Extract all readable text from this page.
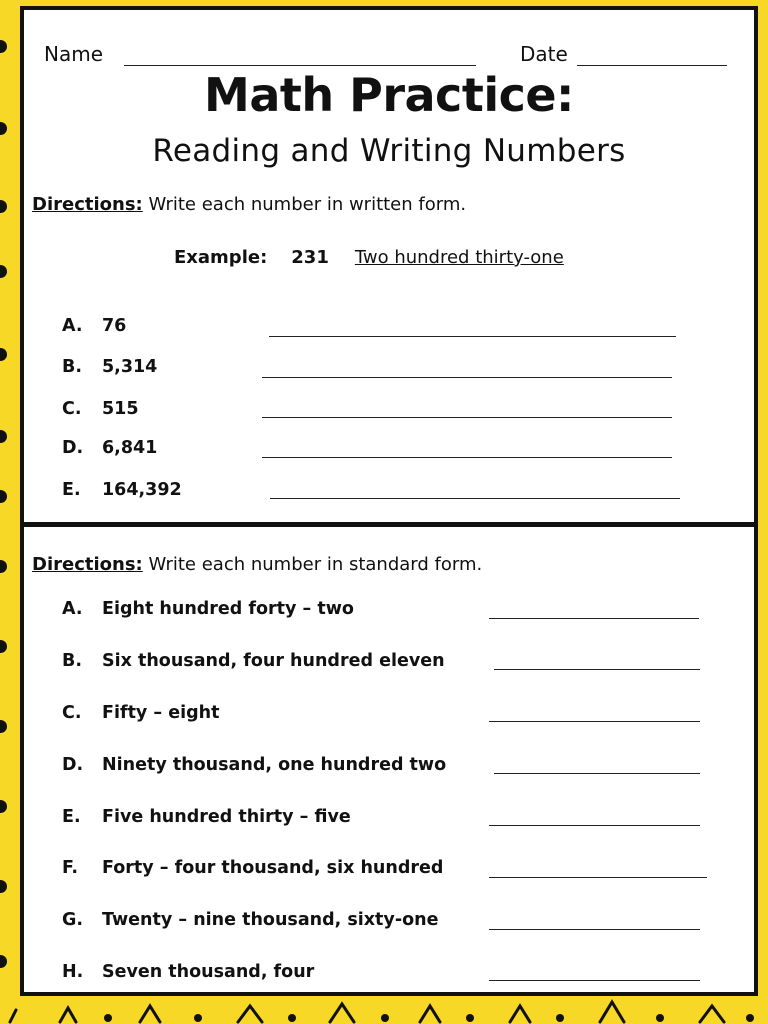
Name	Date
Math Practice:
Reading and Writing Numbers
Directions: Write each number in written form.
Example: 231 Two hundred thirty-one
A. 76
B. 5,314
C. 515
D. 6,841
E. 164,392
Directions: Write each number in standard form.
A. Eight hundred forty – two
B. Six thousand, four hundred eleven
C. Fifty – eight
D. Ninety thousand, one hundred two
E. Five hundred thirty – five
F. Forty – four thousand, six hundred
G. Twenty – nine thousand, sixty-one
H. Seven thousand, four
